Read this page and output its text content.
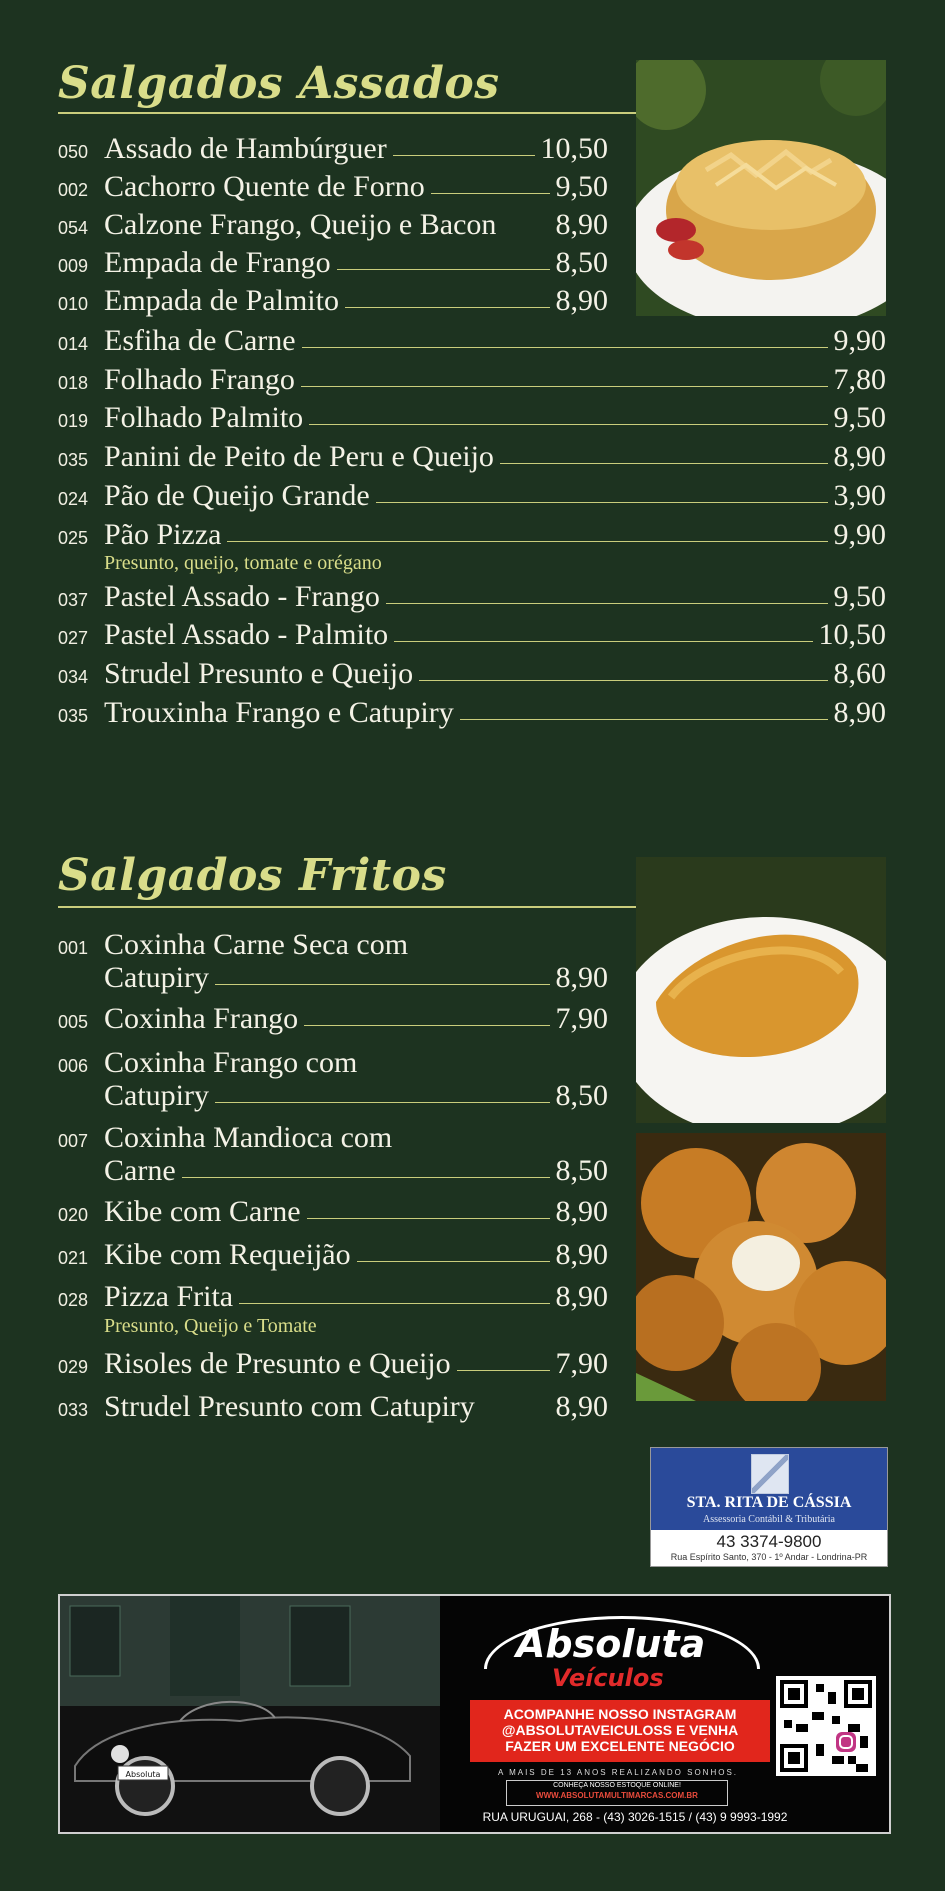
Salgados Assados
050 Assado de Hambúrguer	10,50
002 Cachorro Quente de Forno	9,50
054 Calzone Frango, Queijo e Bacon 8,90
009 Empada de Frango	8,50
010 Empada de Palmito	8,90
014 Esfiha de Carne	9,90
018 Folhado Frango	7,80
019 Folhado Palmito	9,50
035 Panini de Peito de Peru e Queijo	8,90
024 Pão de Queijo Grande	3,90
025 Pão Pizza	9,90
Presunto, queijo, tomate e orégano
037 Pastel Assado - Frango	9,50
027 Pastel Assado - Palmito	10,50
034 Strudel Presunto e Queijo	8,60
035 Trouxinha Frango e Catupiry	8,90
Salgados Fritos
001 Coxinha Carne Seca com
Catupiry	8,90
005 Coxinha Frango	7,90
006 Coxinha Frango com
Catupiry	8,50
007 Coxinha Mandioca com
Carne	8,50
020 Kibe com Carne	8,90
021 Kibe com Requeijão	8,90
028 Pizza Frita	8,90
Presunto, Queijo e Tomate
029 Risoles de Presunto e Queijo	7,90
033 Strudel Presunto com Catupiry	8,90
STA. RITA DE CÁSSIA
Assessoria Contábil & Tributária
43 3374-9800
Rua Espírito Santo, 370 - 1º Andar - Londrina-PR
Absoluta
Absoluta
Veículos
ACOMPANHE NOSSO INSTAGRAM
@ABSOLUTAVEICULOSS E VENHA
FAZER UM EXCELENTE NEGÓCIO
A MAIS DE 13 ANOS REALIZANDO SONHOS.
CONHEÇA NOSSO ESTOQUE ONLINE!
WWW.ABSOLUTAMULTIMARCAS.COM.BR
RUA URUGUAI, 268 - (43) 3026-1515 / (43) 9 9993-1992
